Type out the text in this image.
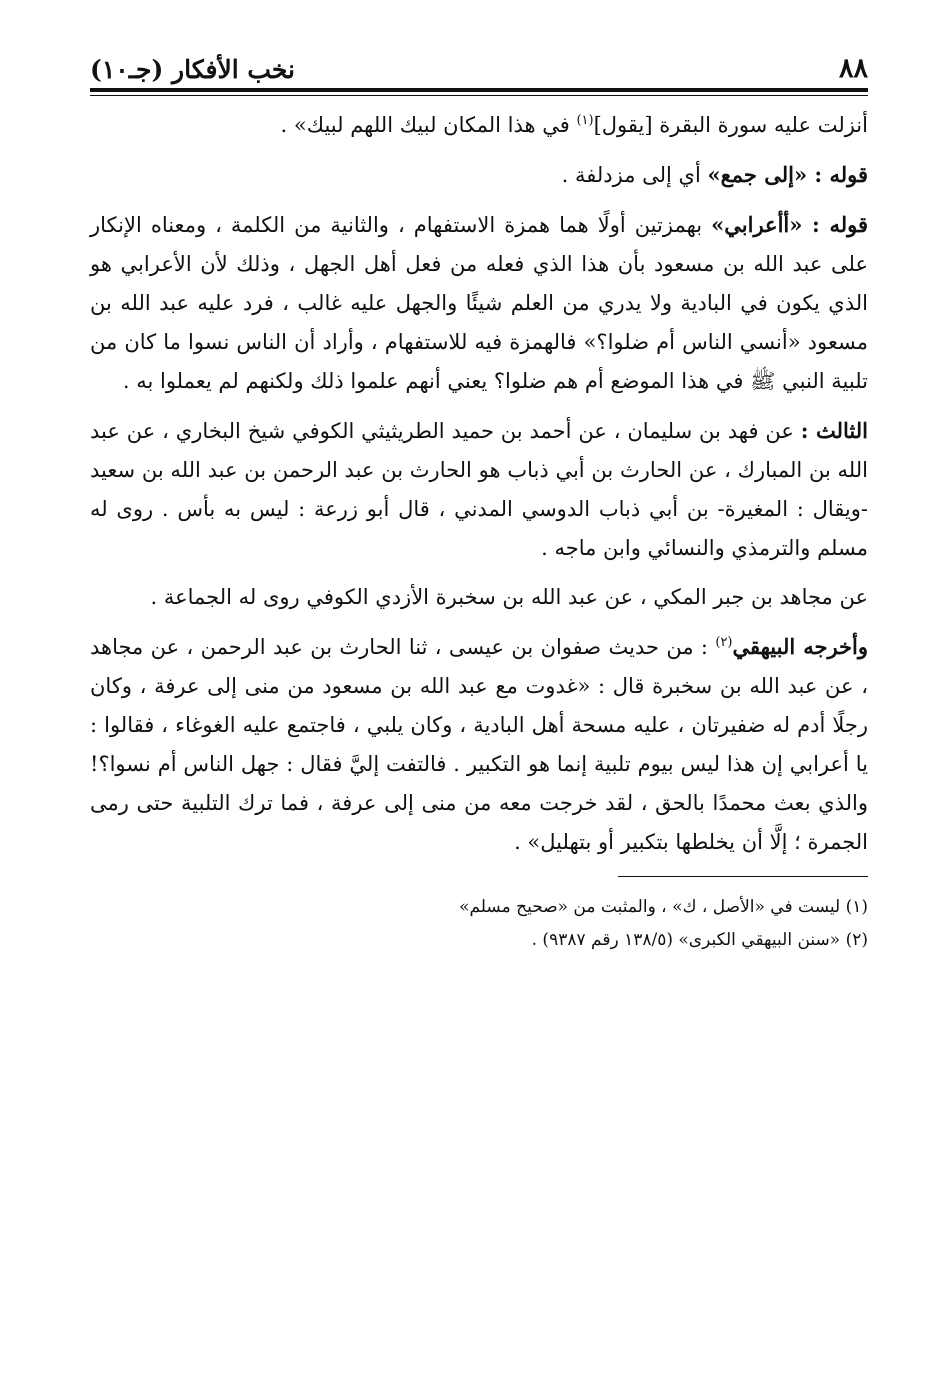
٨٨
نخب الأفكار (جـ١٠)

أنزلت عليه سورة البقرة [يقول]$^{(١)}$ في هذا المكان لبيك اللهم لبيك» .

قوله : «إلى جمع» أي إلى مزدلفة .

قوله : «أأعرابي» بهمزتين أولًا هما همزة الاستفهام ، والثانية من الكلمة ، ومعناه الإنكار على عبد الله بن مسعود بأن هذا الذي فعله من فعل أهل الجهل ، وذلك لأن الأعرابي هو الذي يكون في البادية ولا يدري من العلم شيئًا والجهل عليه غالب ، فرد عليه عبد الله بن مسعود «أنسي الناس أم ضلوا؟» فالهمزة فيه للاستفهام ، وأراد أن الناس نسوا ما كان من تلبية النبي ﷺ في هذا الموضع أم هم ضلوا؟ يعني أنهم علموا ذلك ولكنهم لم يعملوا به .

الثالث : عن فهد بن سليمان ، عن أحمد بن حميد الطريثيثي الكوفي شيخ البخاري ، عن عبد الله بن المبارك ، عن الحارث بن أبي ذباب هو الحارث بن عبد الرحمن بن عبد الله بن سعيد -ويقال : المغيرة- بن أبي ذباب الدوسي المدني ، قال أبو زرعة : ليس به بأس . روى له مسلم والترمذي والنسائي وابن ماجه .

عن مجاهد بن جبر المكي ، عن عبد الله بن سخبرة الأزدي الكوفي روى له الجماعة .

وأخرجه البيهقي$^{(٢)}$ : من حديث صفوان بن عيسى ، ثنا الحارث بن عبد الرحمن ، عن مجاهد ، عن عبد الله بن سخبرة قال : «غدوت مع عبد الله بن مسعود من منى إلى عرفة ، وكان رجلًا أدم له ضفيرتان ، عليه مسحة أهل البادية ، وكان يلبي ، فاجتمع عليه الغوغاء ، فقالوا : يا أعرابي إن هذا ليس بيوم تلبية إنما هو التكبير . فالتفت إليَّ فقال : جهل الناس أم نسوا؟! والذي بعث محمدًا بالحق ، لقد خرجت معه من منى إلى عرفة ، فما ترك التلبية حتى رمى الجمرة ؛ إلَّا أن يخلطها بتكبير أو بتهليل» .

(١) ليست في «الأصل ، ك» ، والمثبت من «صحيح مسلم»

(٢) «سنن البيهقي الكبرى» (١٣٨/٥ رقم ٩٣٨٧) .
